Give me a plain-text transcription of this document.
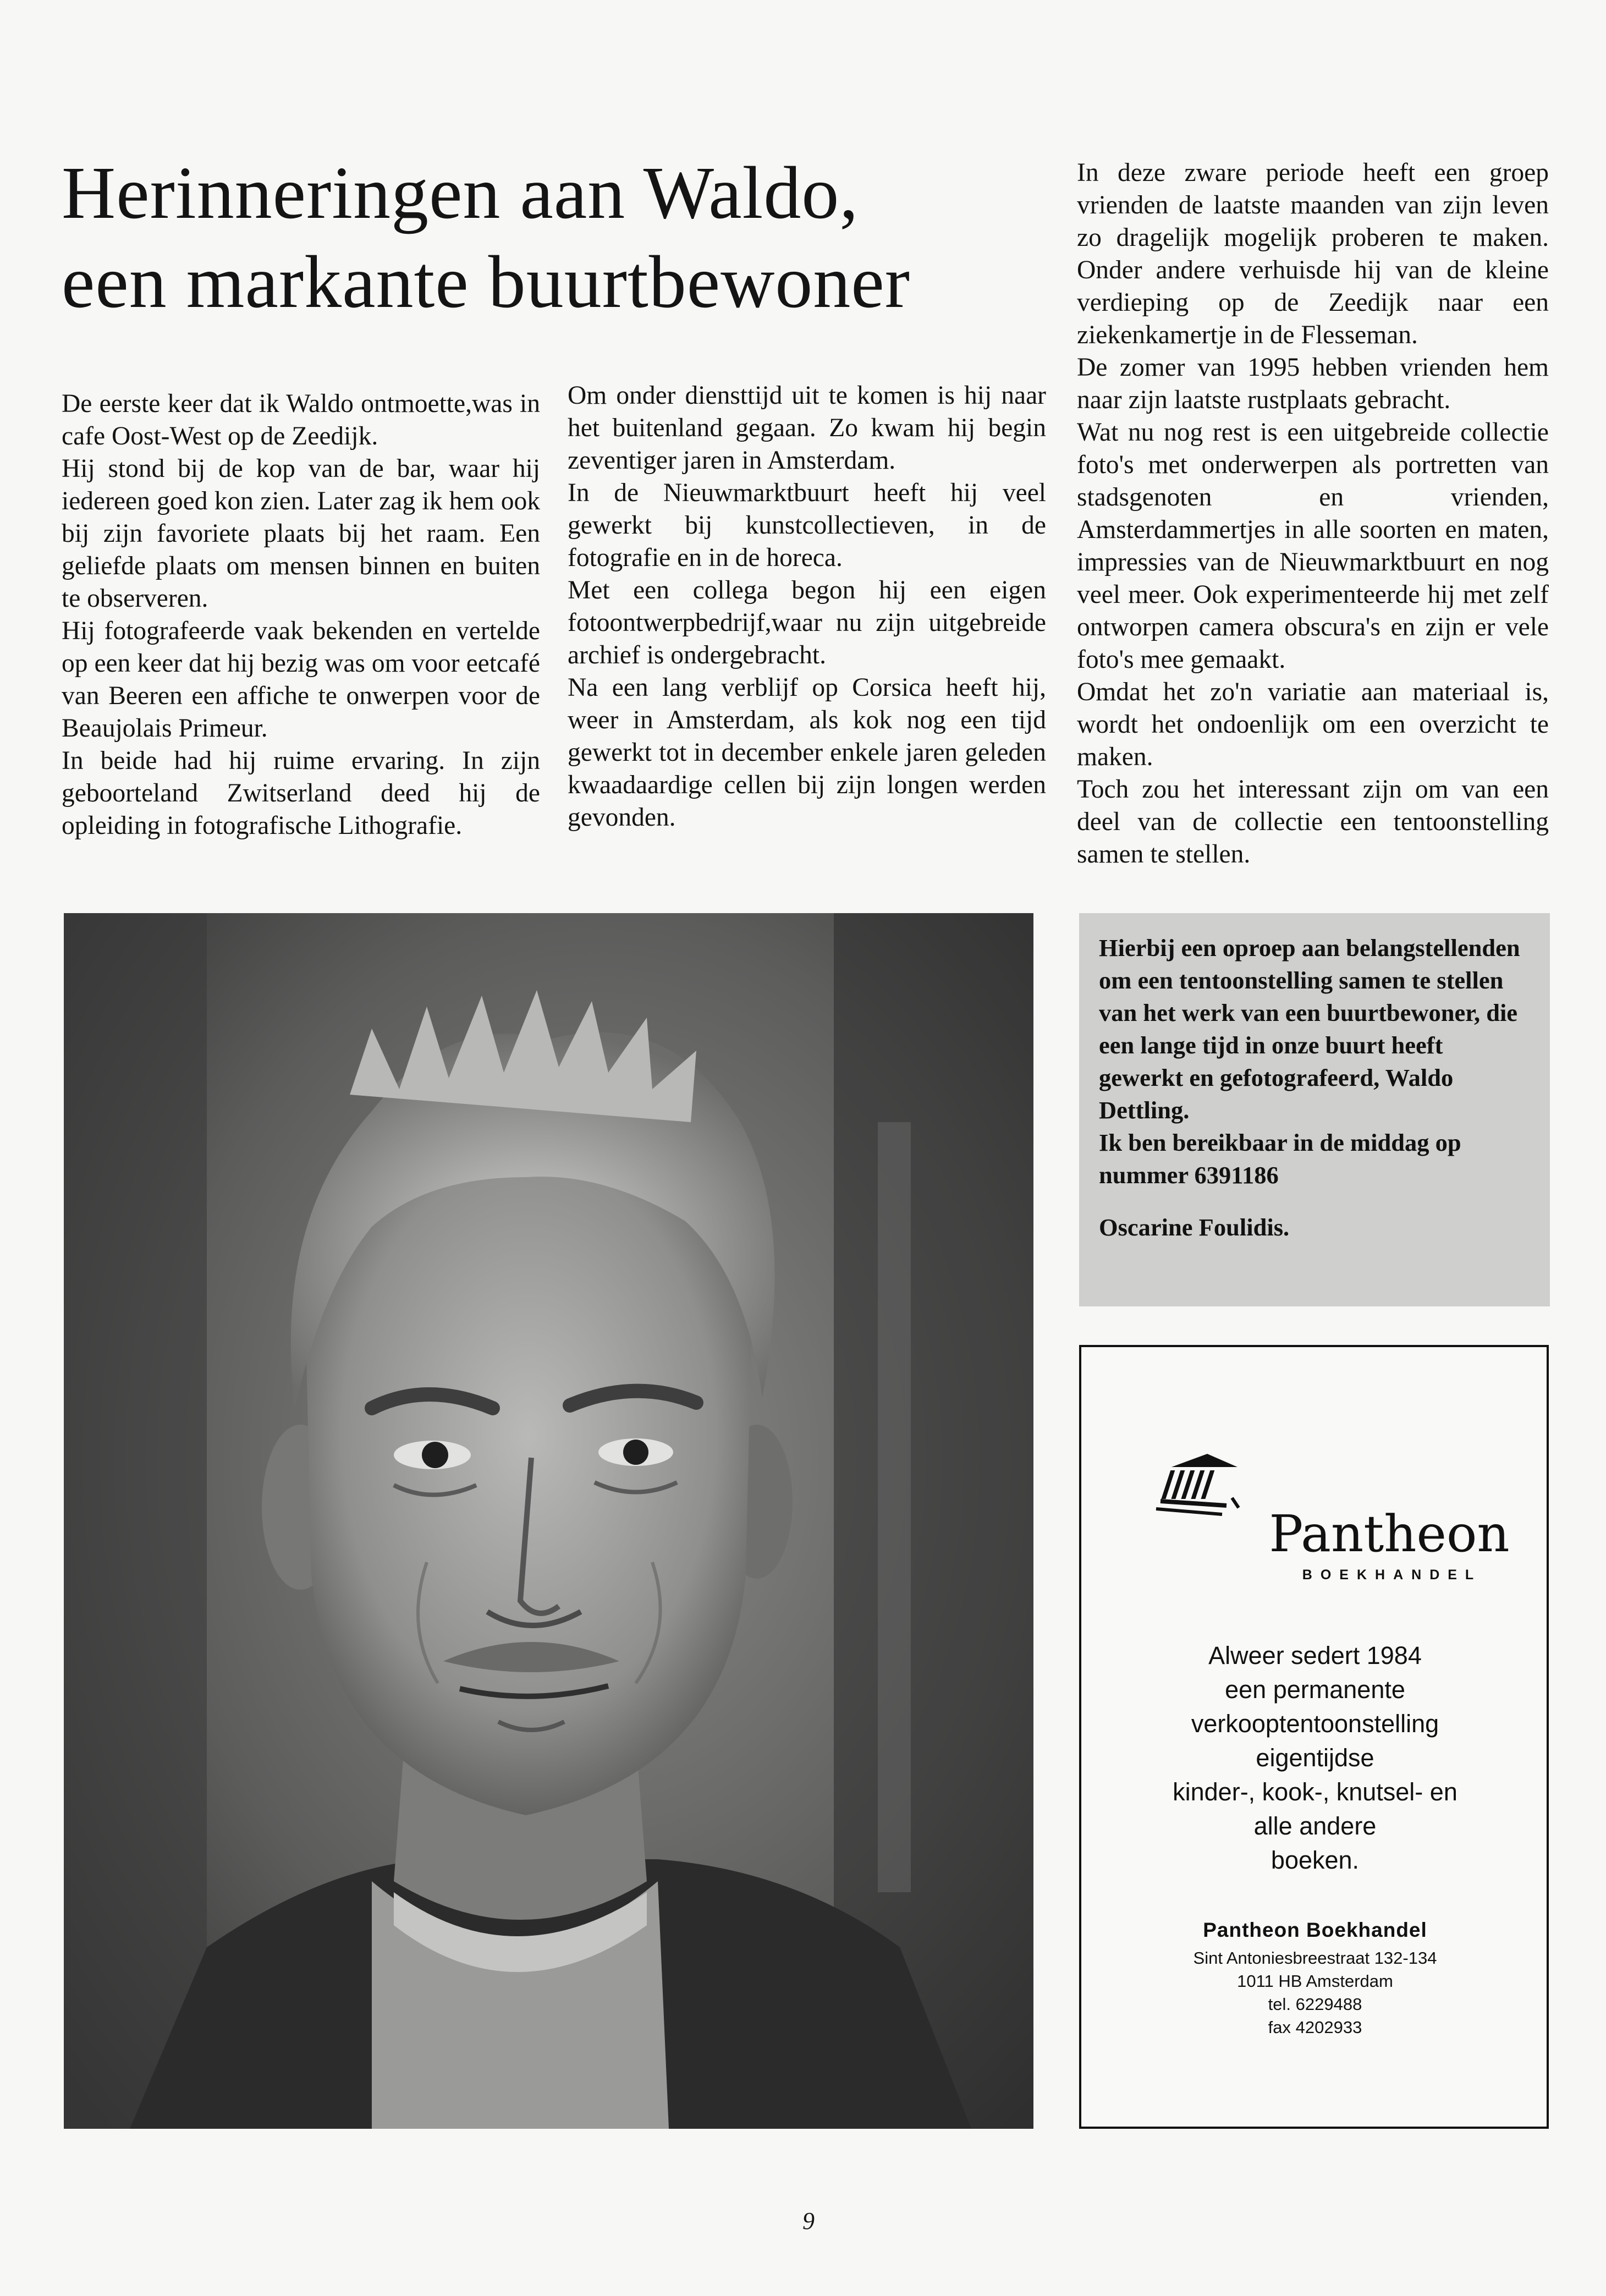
Herinneringen aan Waldo,
een markante buurtbewoner

De eerste keer dat ik Waldo ontmoette,was in cafe Oost-West op de Zeedijk.

Hij stond bij de kop van de bar, waar hij iedereen goed kon zien. Later zag ik hem ook bij zijn favoriete plaats bij het raam. Een geliefde plaats om mensen binnen en buiten te observeren.

Hij fotografeerde vaak bekenden en vertelde op een keer dat hij bezig was om voor eetcafé van Beeren een affiche te onwerpen voor de Beaujolais Primeur.

In beide had hij ruime ervaring. In zijn geboorteland Zwitserland deed hij de opleiding in fotografische Lithografie.

Om onder diensttijd uit te komen is hij naar het buitenland gegaan. Zo kwam hij begin zeventiger jaren in Amsterdam.

In de Nieuwmarktbuurt heeft hij veel gewerkt bij kunstcollectieven, in de fotografie en in de horeca.

Met een collega begon hij een eigen fotoontwerpbedrijf,waar nu zijn uitgebreide archief is ondergebracht.

Na een lang verblijf op Corsica heeft hij, weer in Amsterdam, als kok nog een tijd gewerkt tot in december enkele jaren geleden kwaadaardige cellen bij zijn longen werden gevonden.

In deze zware periode heeft een groep vrienden de laatste maanden van zijn leven zo dragelijk mogelijk proberen te maken. Onder andere verhuisde hij van de kleine verdieping op de Zeedijk naar een ziekenkamertje in de Flesseman.

De zomer van 1995 hebben vrienden hem naar zijn laatste rustplaats gebracht.

Wat nu nog rest is een uitgebreide collectie foto's met onderwerpen als portretten van stadsgenoten en vrienden, Amsterdammertjes in alle soorten en maten, impressies van de Nieuwmarktbuurt en nog veel meer. Ook experimenteerde hij met zelf ontworpen camera obscura's en zijn er vele foto's mee gemaakt.

Omdat het zo'n variatie aan materiaal is, wordt het ondoenlijk om een overzicht te maken.

Toch zou het interessant zijn om van een deel van de collectie een tentoonstelling samen te stellen.

Hierbij een oproep aan belangstellenden om een tentoonstelling samen te stellen van het werk van een buurtbewoner, die een lange tijd in onze buurt heeft gewerkt en gefotografeerd, Waldo Dettling.

Ik ben bereikbaar in de middag op nummer 6391186

Oscarine Foulidis.

Pantheon
BOEKHANDEL
Alweer sedert 1984
een permanente
verkooptentoonstelling
eigentijdse
kinder-, kook-, knutsel- en
alle andere
boeken.
Pantheon Boekhandel
Sint Antoniesbreestraat 132-134
1011 HB Amsterdam
tel. 6229488
fax 4202933
9
